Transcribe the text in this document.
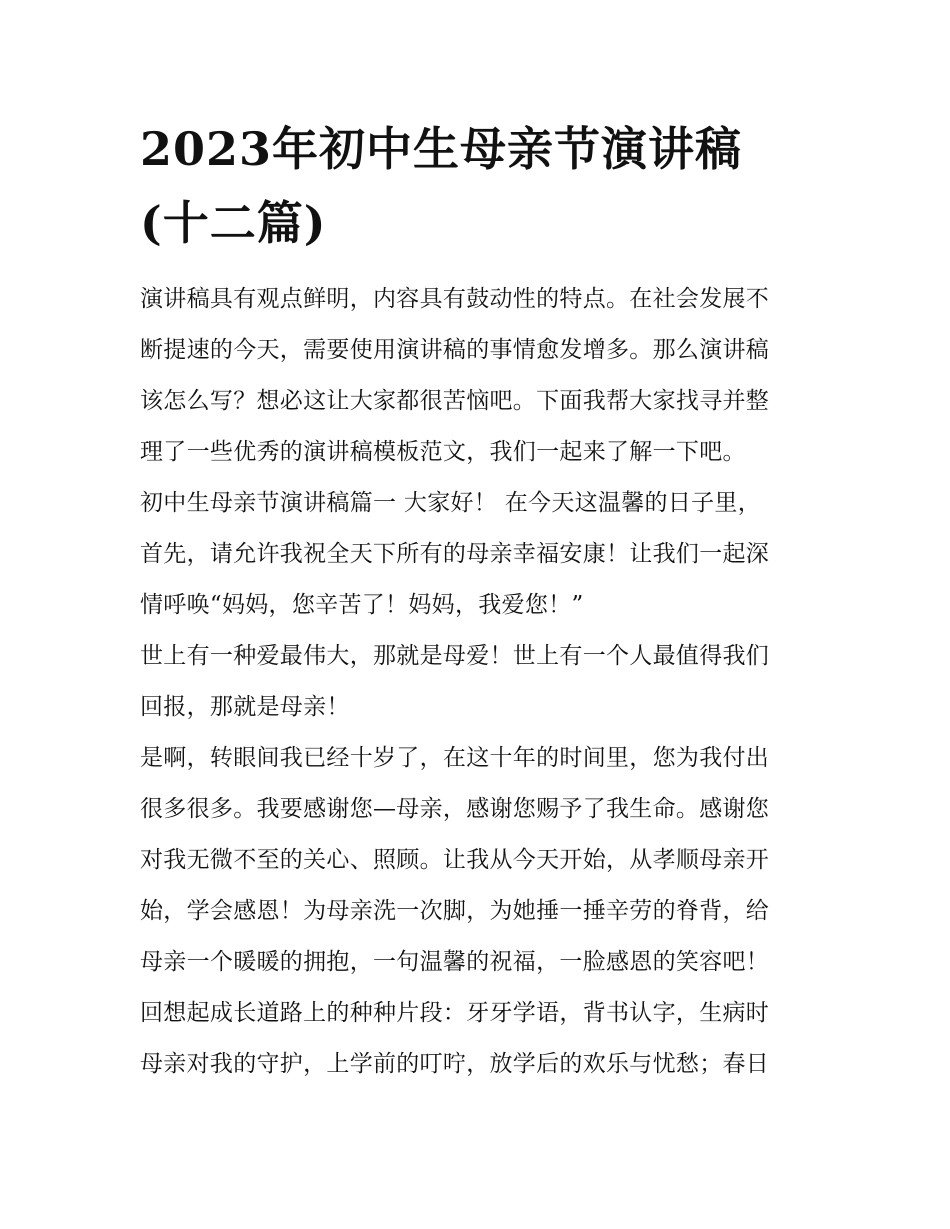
2023年初中生母亲节演讲稿
(十二篇)
演讲稿具有观点鲜明，内容具有鼓动性的特点。在社会发展不
断提速的今天，需要使用演讲稿的事情愈发增多。那么演讲稿
该怎么写？想必这让大家都很苦恼吧。下面我帮大家找寻并整
理了一些优秀的演讲稿模板范文，我们一起来了解一下吧。
初中生母亲节演讲稿篇一 大家好！ 在今天这温馨的日子里，
首先，请允许我祝全天下所有的母亲幸福安康！让我们一起深
情呼唤“妈妈，您辛苦了！妈妈，我爱您！”
世上有一种爱最伟大，那就是母爱！世上有一个人最值得我们
回报，那就是母亲！
是啊，转眼间我已经十岁了，在这十年的时间里，您为我付出
很多很多。我要感谢您—母亲，感谢您赐予了我生命。感谢您
对我无微不至的关心、照顾。让我从今天开始，从孝顺母亲开
始，学会感恩！为母亲洗一次脚，为她捶一捶辛劳的脊背，给
母亲一个暖暖的拥抱，一句温馨的祝福，一脸感恩的笑容吧！
回想起成长道路上的种种片段：牙牙学语，背书认字，生病时
母亲对我的守护，上学前的叮咛，放学后的欢乐与忧愁；春日
